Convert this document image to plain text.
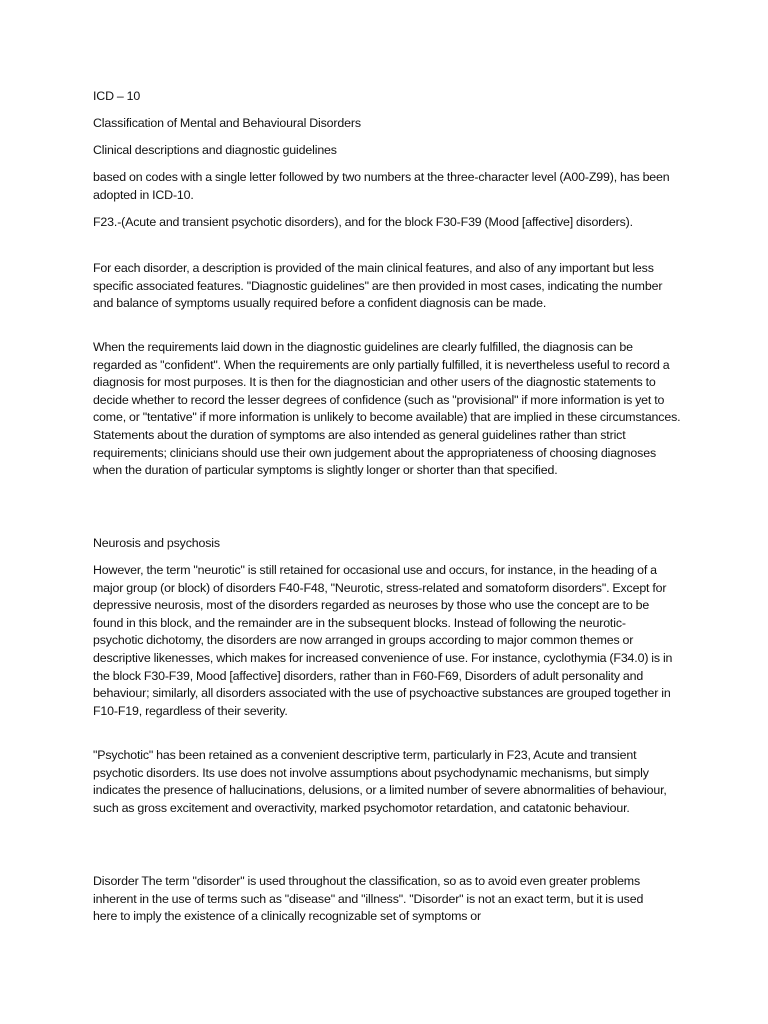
ICD – 10

Classification of Mental and Behavioural Disorders

Clinical descriptions and diagnostic guidelines

based on codes with a single letter followed by two numbers at the three-character level (A00-Z99), has been adopted in ICD-10.

F23.-(Acute and transient psychotic disorders), and for the block F30-F39 (Mood [affective] disorders).

For each disorder, a description is provided of the main clinical features, and also of any important but less specific associated features. "Diagnostic guidelines" are then provided in most cases, indicating the number and balance of symptoms usually required before a confident diagnosis can be made.

When the requirements laid down in the diagnostic guidelines are clearly fulfilled, the diagnosis can be regarded as "confident". When the requirements are only partially fulfilled, it is nevertheless useful to record a diagnosis for most purposes. It is then for the diagnostician and other users of the diagnostic statements to decide whether to record the lesser degrees of confidence (such as "provisional" if more information is yet to come, or "tentative" if more information is unlikely to become available) that are implied in these circumstances. Statements about the duration of symptoms are also intended as general guidelines rather than strict requirements; clinicians should use their own judgement about the appropriateness of choosing diagnoses when the duration of particular symptoms is slightly longer or shorter than that specified.

Neurosis and psychosis

However, the term "neurotic" is still retained for occasional use and occurs, for instance, in the heading of a major group (or block) of disorders F40-F48, "Neurotic, stress-related and somatoform disorders". Except for depressive neurosis, most of the disorders regarded as neuroses by those who use the concept are to be found in this block, and the remainder are in the subsequent blocks. Instead of following the neurotic-psychotic dichotomy, the disorders are now arranged in groups according to major common themes or descriptive likenesses, which makes for increased convenience of use. For instance, cyclothymia (F34.0) is in the block F30-F39, Mood [affective] disorders, rather than in F60-F69, Disorders of adult personality and behaviour; similarly, all disorders associated with the use of psychoactive substances are grouped together in F10-F19, regardless of their severity.

"Psychotic" has been retained as a convenient descriptive term, particularly in F23, Acute and transient psychotic disorders. Its use does not involve assumptions about psychodynamic mechanisms, but simply indicates the presence of hallucinations, delusions, or a limited number of severe abnormalities of behaviour, such as gross excitement and overactivity, marked psychomotor retardation, and catatonic behaviour.

Disorder The term "disorder" is used throughout the classification, so as to avoid even greater problems inherent in the use of terms such as "disease" and "illness". "Disorder" is not an exact term, but it is used here to imply the existence of a clinically recognizable set of symptoms or
